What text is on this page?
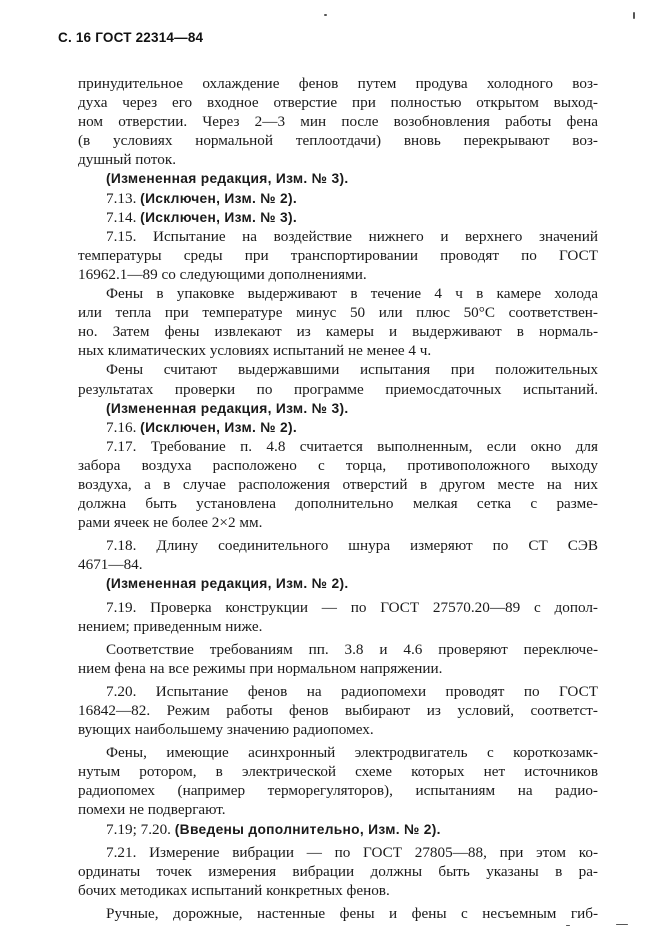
С. 16 ГОСТ 22314—84
принудительное охлаждение фенов путем продува холодного воз-
духа через его входное отверстие при полностью открытом выход-
ном отверстии. Через 2—3 мин после возобновления работы фена
(в условиях нормальной теплоотдачи) вновь перекрывают воз-
душный поток.
(Измененная редакция, Изм. № 3).
7.13. (Исключен, Изм. № 2).
7.14. (Исключен, Изм. № 3).
7.15. Испытание на воздействие нижнего и верхнего значений
температуры среды при транспортировании проводят по ГОСТ
16962.1—89 со следующими дополнениями.
Фены в упаковке выдерживают в течение 4 ч в камере холода
или тепла при температуре минус 50 или плюс 50°С соответствен-
но. Затем фены извлекают из камеры и выдерживают в нормаль-
ных климатических условиях испытаний не менее 4 ч.
Фены считают выдержавшими испытания при положительных
результатах проверки по программе приемосдаточных испытаний.
(Измененная редакция, Изм. № 3).
7.16. (Исключен, Изм. № 2).
7.17. Требование п. 4.8 считается выполненным, если окно для
забора воздуха расположено с торца, противоположного выходу
воздуха, а в случае расположения отверстий в другом месте на них
должна быть установлена дополнительно мелкая сетка с разме-
рами ячеек не более 2×2 мм.
7.18. Длину соединительного шнура измеряют по СТ СЭВ
4671—84.
(Измененная редакция, Изм. № 2).
7.19. Проверка конструкции — по ГОСТ 27570.20—89 с допол-
нением; приведенным ниже.
Соответствие требованиям пп. 3.8 и 4.6 проверяют переключе-
нием фена на все режимы при нормальном напряжении.
7.20. Испытание фенов на радиопомехи проводят по ГОСТ
16842—82. Режим работы фенов выбирают из условий, соответст-
вующих наибольшему значению радиопомех.
Фены, имеющие асинхронный электродвигатель с короткозамк-
нутым ротором, в электрической схеме которых нет источников
радиопомех (например терморегуляторов), испытаниям на радио-
помехи не подвергают.
7.19; 7.20. (Введены дополнительно, Изм. № 2).
7.21. Измерение вибрации — по ГОСТ 27805—88, при этом ко-
ординаты точек измерения вибрации должны быть указаны в ра-
бочих методиках испытаний конкретных фенов.
Ручные, дорожные, настенные фены и фены с несъемным гиб-
